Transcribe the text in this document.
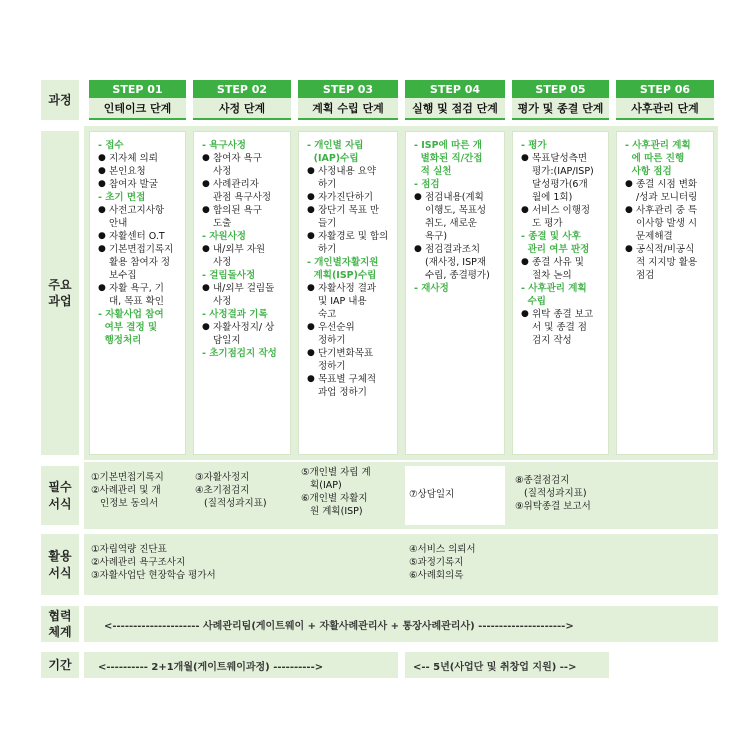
과정
주요
과업
필수
서식
활용
서식
협력
체계
기간
STEP 01
인테이크 단계
STEP 02
사정 단계
STEP 03
계획 수립 단계
STEP 04
실행 및 점검 단계
STEP 05
평가 및 종결 단계
STEP 06
사후관리 단계
- 접수
● 지자체 의뢰
● 본인요청
● 참여자 발굴
- 초기 면접
● 사전고지사항
안내
● 자활센터 O.T
● 기본면접기록지
활용 참여자 정
보수집
● 자활 욕구, 기
대, 목표 확인
- 자활사업 참여
여부 결정 및
행정처리
- 욕구사정
● 참여자 욕구
사정
● 사례관리자
관점 욕구사정
● 합의된 욕구
도출
- 자원사정
● 내/외부 자원
사정
- 걸림돌사정
● 내/외부 걸림돌
사정
- 사정결과 기록
● 자활사정지/ 상
담일지
- 초기점검지 작성
- 개인별 자립
(IAP)수립
● 사정내용 요약
하기
● 자가진단하기
● 장단기 목표 만
들기
● 자활경로 및 합의
하기
- 개인별자활지원
계획(ISP)수립
● 자활사정 결과
및 IAP 내용
숙고
● 우선순위
정하기
● 단기변화목표
정하기
● 목표별 구체적
과업 정하기
- ISP에 따른 개
별화된 직/간접
적 실천
- 점검
● 점검내용(계획
이행도, 목표성
취도, 새로운
욕구)
● 점검결과조치
(재사정, ISP재
수립, 종결평가)
- 재사정
- 평가
● 목표달성측면
평가:(IAP/ISP)
달성평가(6개
월에 1회)
● 서비스 이행정
도 평가
- 종결 및 사후
관리 여부 판정
● 종결 사유 및
절차 논의
- 사후관리 계획
수립
● 위탁 종결 보고
서 및 종결 점
검지 작성
- 사후관리 계획
에 따른 진행
사항 점검
● 종결 시점 변화
/성과 모니터링
● 사후관리 중 특
이사항 발생 시
문제해결
● 공식적/비공식
적 지지망 활용
점검
①기본면접기록지
②사례관리 및 개
인정보 동의서
③자활사정지
④초기점검지
(질적성과지표)
⑤개인별 자립 계
획(IAP)
⑥개인별 자활지
원 계획(ISP)
⑦상담일지
⑧종결점검지
(질적성과지표)
⑨위탁종결 보고서
①자립역량 진단표
②사례관리 욕구조사지
③자활사업단 현장학습 평가서
④서비스 의뢰서
⑤과정기록지
⑥사례회의록
<--------------------- 사례관리팀(게이트웨이 + 자활사례관리사 + 통장사례관리사) --------------------->
<---------- 2+1개월(게이트웨이과정) ---------->	<-- 5년(사업단 및 취창업 지원) -->
